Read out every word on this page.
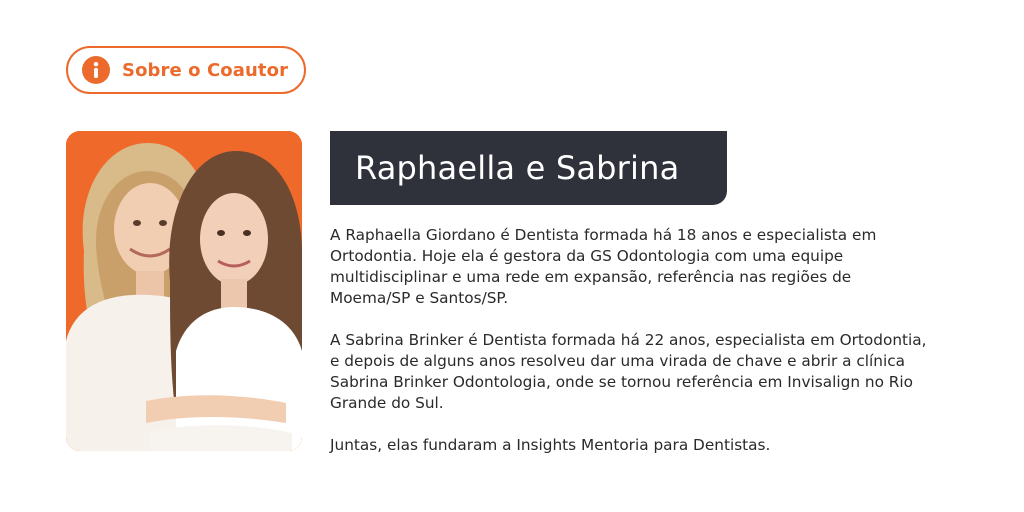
Sobre o Coautor
Raphaella e Sabrina

A Raphaella Giordano é Dentista formada há 18 anos e especialista em
Ortodontia. Hoje ela é gestora da GS Odontologia com uma equipe
multidisciplinar e uma rede em expansão, referência nas regiões de
Moema/SP e Santos/SP.

A Sabrina Brinker é Dentista formada há 22 anos, especialista em Ortodontia,
e depois de alguns anos resolveu dar uma virada de chave e abrir a clínica
Sabrina Brinker Odontologia, onde se tornou referência em Invisalign no Rio
Grande do Sul.

Juntas, elas fundaram a Insights Mentoria para Dentistas.
